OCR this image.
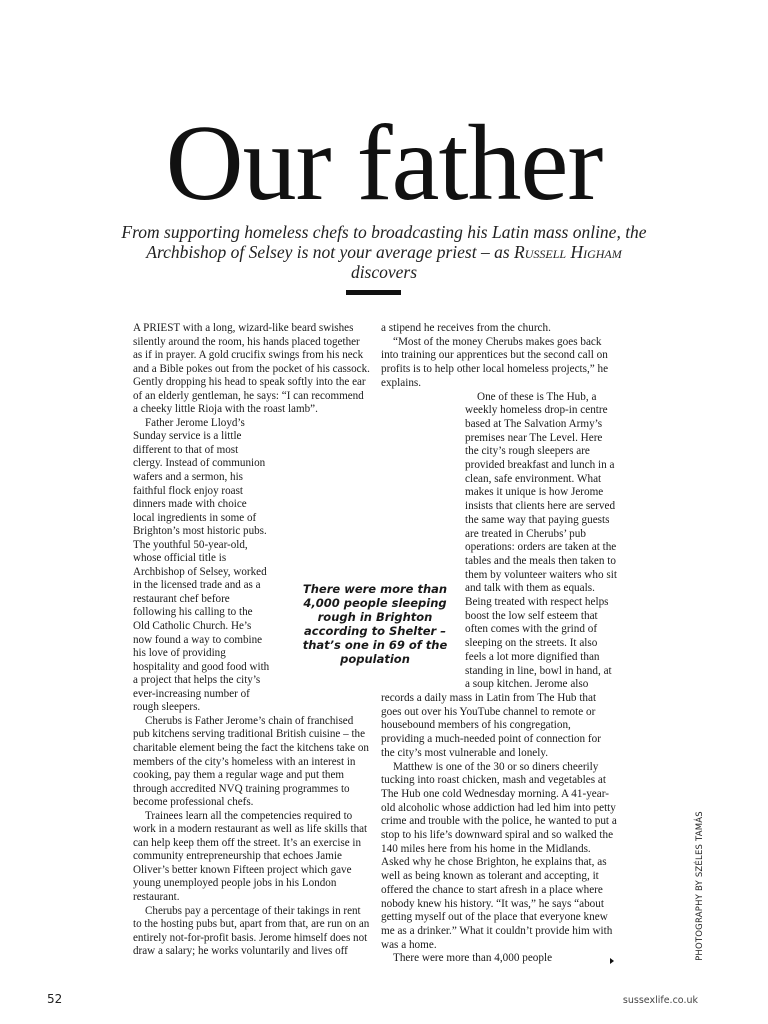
Our father

From supporting homeless chefs to broadcasting his Latin mass online, the Archbishop of Selsey is not your average priest – as Russell Higham discovers

A PRIEST with a long, wizard-like beard swishes silently around the room, his hands placed together as if in prayer. A gold crucifix swings from his neck and a Bible pokes out from the pocket of his cassock. Gently dropping his head to speak softly into the ear of an elderly gentleman, he says: “I can recommend a cheeky little Rioja with the roast lamb”.

Father Jerome Lloyd’s Sunday service is a little different to that of most clergy. Instead of communion wafers and a sermon, his faithful flock enjoy roast dinners made with choice local ingredients in some of Brighton’s most historic pubs. The youthful 50-year-old, whose official title is Archbishop of Selsey, worked in the licensed trade and as a restaurant chef before following his calling to the Old Catholic Church. He’s now found a way to combine his love of providing hospitality and good food with a project that helps the city’s ever-increasing number of rough sleepers.

Cherubs is Father Jerome’s chain of franchised pub kitchens serving traditional British cuisine – the charitable element being the fact the kitchens take on members of the city’s homeless with an interest in cooking, pay them a regular wage and put them through accredited NVQ training programmes to become professional chefs.

Trainees learn all the competencies required to work in a modern restaurant as well as life skills that can help keep them off the street. It’s an exercise in community entrepreneurship that echoes Jamie Oliver’s better known Fifteen project which gave young unemployed people jobs in his London restaurant.

Cherubs pay a percentage of their takings in rent to the hosting pubs but, apart from that, are run on an entirely not-for-profit basis. Jerome himself does not draw a salary; he works voluntarily and lives off

a stipend he receives from the church.

“Most of the money Cherubs makes goes back into training our apprentices but the second call on profits is to help other local homeless projects,” he explains.

One of these is The Hub, a weekly homeless drop-in centre based at The Salvation Army’s premises near The Level. Here the city’s rough sleepers are provided breakfast and lunch in a clean, safe environment. What makes it unique is how Jerome insists that clients here are served the same way that paying guests are treated in Cherubs’ pub operations: orders are taken at the tables and the meals then taken to them by volunteer waiters who sit and talk with them as equals. Being treated with respect helps boost the low self esteem that often comes with the grind of sleeping on the streets. It also feels a lot more dignified than standing in line, bowl in hand, at a soup kitchen. Jerome also records a daily mass in Latin from The Hub that goes out over his YouTube channel to remote or housebound members of his congregation, providing a much-needed point of connection for the city’s most vulnerable and lonely.

Matthew is one of the 30 or so diners cheerily tucking into roast chicken, mash and vegetables at The Hub one cold Wednesday morning. A 41-year-old alcoholic whose addiction had led him into petty crime and trouble with the police, he wanted to put a stop to his life’s downward spiral and so walked the 140 miles here from his home in the Midlands. Asked why he chose Brighton, he explains that, as well as being known as tolerant and accepting, it offered the chance to start afresh in a place where nobody knew his history. “It was,” he says “about getting myself out of the place that everyone knew me as a drinker.” What it couldn’t provide him with was a home.

There were more than 4,000 people

There were more than 4,000 people sleeping rough in Brighton according to Shelter – that’s one in 69 of the population

PHOTOGRAPHY BY SZÉLES TAMÁS

52	sussexlife.co.uk
